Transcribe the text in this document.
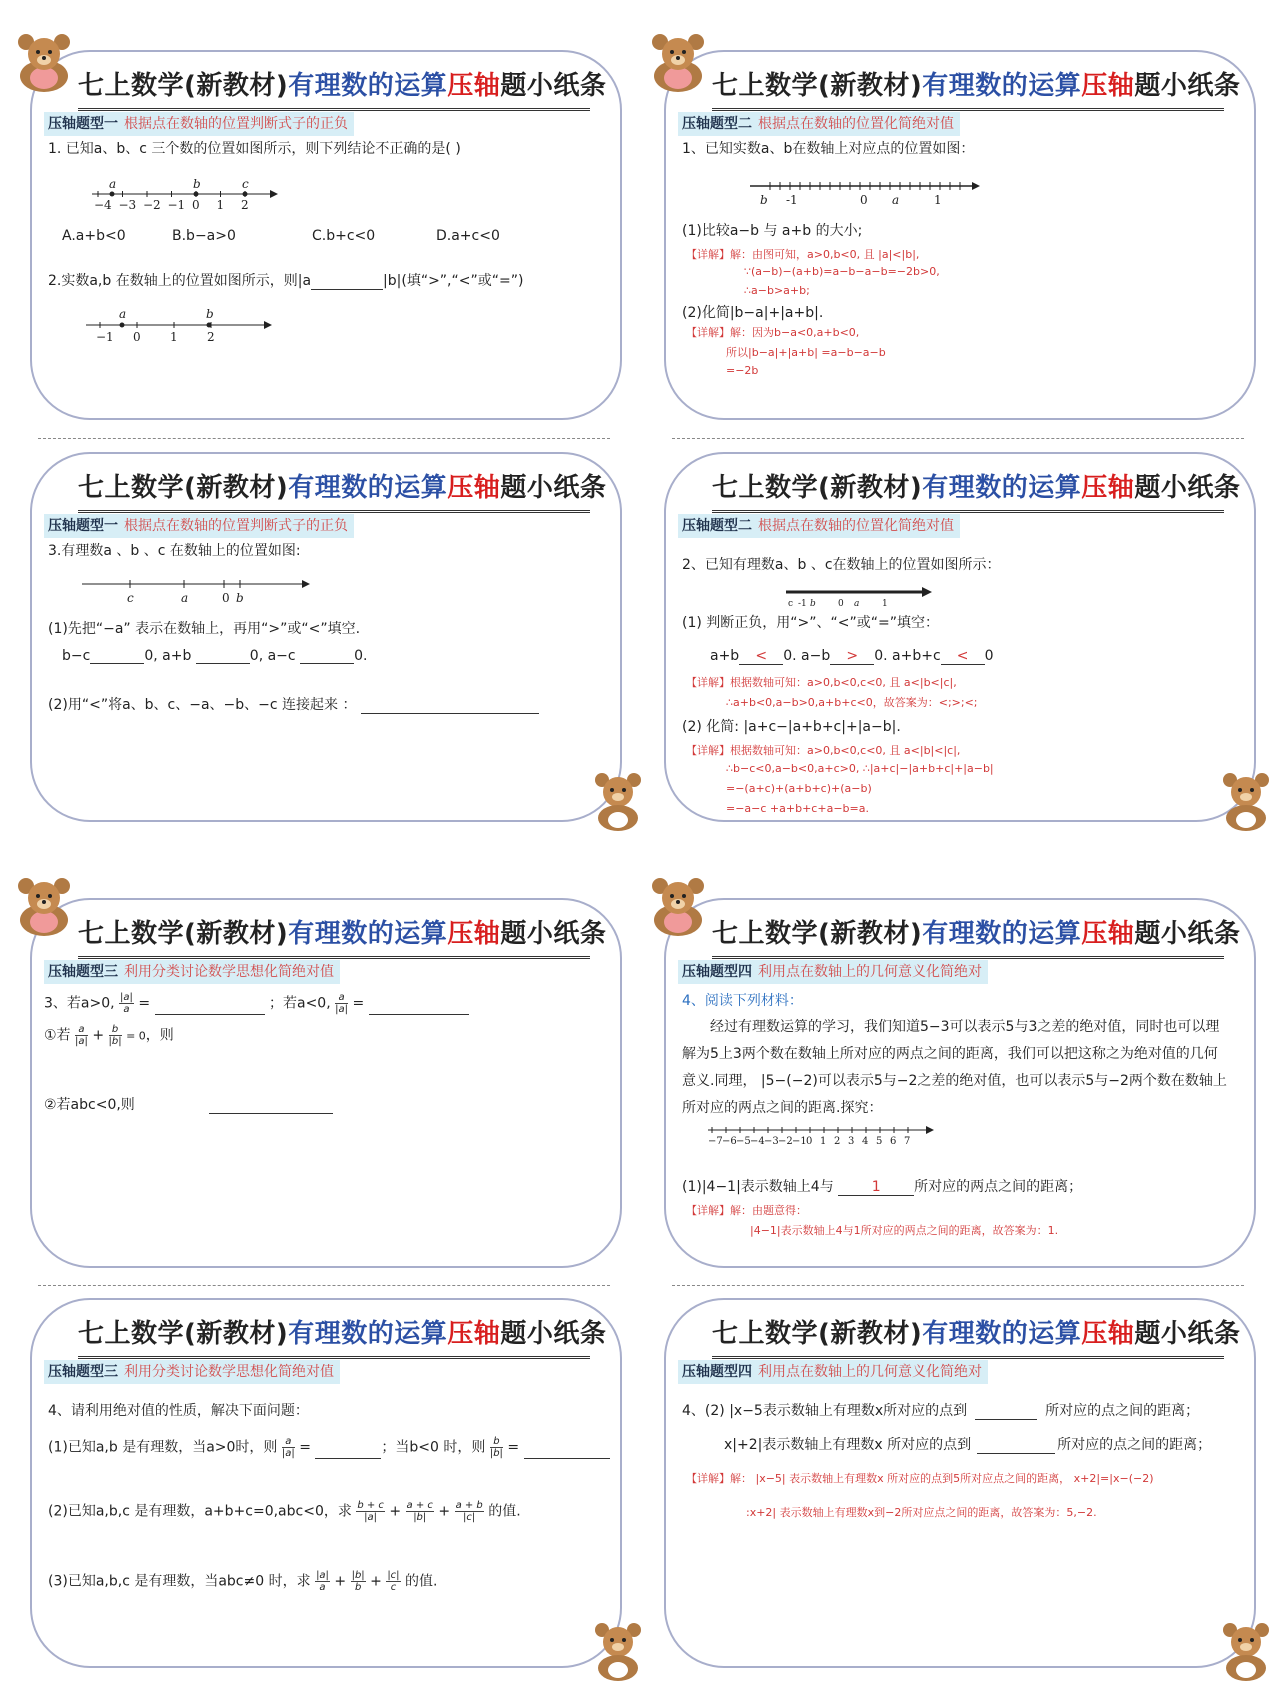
七上数学(新教材)有理数的运算压轴题小纸条
压轴题型一 根据点在数轴的位置判断式子的正负
1. 已知a、b、c 三个数的位置如图所示，则下列结论不正确的是( )
−4 −3 −2 −1 0 1 2
a	b	c
A.a+b<0	B.b−a>0	C.b+c<0	D.a+c<0
2.实数a,b 在数轴上的位置如图所示，则|a	|b|(填“>”,“<”或“=”)
−1 0 1 2
a	b
七上数学(新教材)有理数的运算压轴题小纸条
压轴题型二 根据点在数轴的位置化简绝对值
1、已知实数a、b在数轴上对应点的位置如图：
b -1	0 a	1
(1)比较a−b 与 a+b 的大小;
【详解】解：由图可知，a>0,b<0, 且 |a|<|b|,
∵(a−b)−(a+b)=a−b−a−b=−2b>0,
∴a−b>a+b;
(2)化简|b−a|+|a+b|.
【详解】解：因为b−a<0,a+b<0,
所以|b−a|+|a+b| =a−b−a−b
=−2b
七上数学(新教材)有理数的运算压轴题小纸条
压轴题型一 根据点在数轴的位置判断式子的正负
3.有理数a 、b 、c 在数轴上的位置如图:
c	a	0 b
(1)先把“−a” 表示在数轴上，再用“>”或“<”填空.
b−c	0, a+b	0, a−c	0.
(2)用“<”将a、b、c、−a、−b、−c 连接起来 ：
七上数学(新教材)有理数的运算压轴题小纸条
压轴题型二 根据点在数轴的位置化简绝对值
2、已知有理数a、b 、c在数轴上的位置如图所示：
c -1 b 0 a	1
(1) 判断正负，用“>”、“<”或“=”填空：
a+b < 0. a−b > 0. a+b+c < 0
【详解】根据数轴可知：a>0,b<0,c<0, 且 a<|b<|c|,
∴a+b<0,a−b>0,a+b+c<0，故答案为：<;>;<;
(2) 化简: |a+c−|a+b+c|+|a−b|.
【详解】根据数轴可知：a>0,b<0,c<0, 且 a<|b|<|c|,
∴b−c<0,a−b<0,a+c>0, ∴|a+c|−|a+b+c|+|a−b|
=−(a+c)+(a+b+c)+(a−b)
=−a−c +a+b+c+a−b=a.
七上数学(新教材)有理数的运算压轴题小纸条
压轴题型三 利用分类讨论数学思想化简绝对值
3、若a>0, $\frac{|a|}{a}$ =	；若a<0, $\frac{a}{|a|}$ =
①若 $\frac{a}{|a|} + \frac{b}{|b|} = 0$，则
②若abc<0,则
七上数学(新教材)有理数的运算压轴题小纸条
压轴题型四 利用点在数轴上的几何意义化简绝对
4、阅读下列材料：
经过有理数运算的学习，我们知道5−3可以表示5与3之差的绝对值，同时也可以理
解为5上3两个数在数轴上所对应的两点之间的距离，我们可以把这称之为绝对值的几何
意义.同理， |5−(−2)可以表示5与−2之差的绝对值，也可以表示5与−2两个数在数轴上
所对应的两点之间的距离.探究：
−7 −6 −5 −4 −3 −2 −1 0 1 2 3 4 5 6 7
(1)|4−1|表示数轴上4与	1 所对应的两点之间的距离；
【详解】解：由题意得：
|4−1|表示数轴上4与1所对应的两点之间的距离，故答案为：1.
七上数学(新教材)有理数的运算压轴题小纸条
压轴题型三 利用分类讨论数学思想化简绝对值
4、请利用绝对值的性质，解决下面问题：
(1)已知a,b 是有理数，当a>0时，则 $\frac{a}{|a|}$ =	；当b<0 时，则 $\frac{b}{|b|}$ =
(2)已知a,b,c 是有理数，a+b+c=0,abc<0，求 $\frac{b + c}{|a|} + \frac{a + c}{|b|} + \frac{a + b}{|c|}$ 的值.
(3)已知a,b,c 是有理数，当abc≠0 时，求 $\frac{|a|}{a} + \frac{|b|}{b} + \frac{|c|}{c}$ 的值.
七上数学(新教材)有理数的运算压轴题小纸条
压轴题型四 利用点在数轴上的几何意义化简绝对
4、(2) |x−5表示数轴上有理数x所对应的点到	所对应的点之间的距离；
x|+2|表示数轴上有理数x 所对应的点到	所对应的点之间的距离；
【详解】解： |x−5| 表示数轴上有理数x 所对应的点到5所对应点之间的距离， x+2|=|x−(−2)
:x+2| 表示数轴上有理数x到−2所对应点之间的距离，故答案为：5,−2.
